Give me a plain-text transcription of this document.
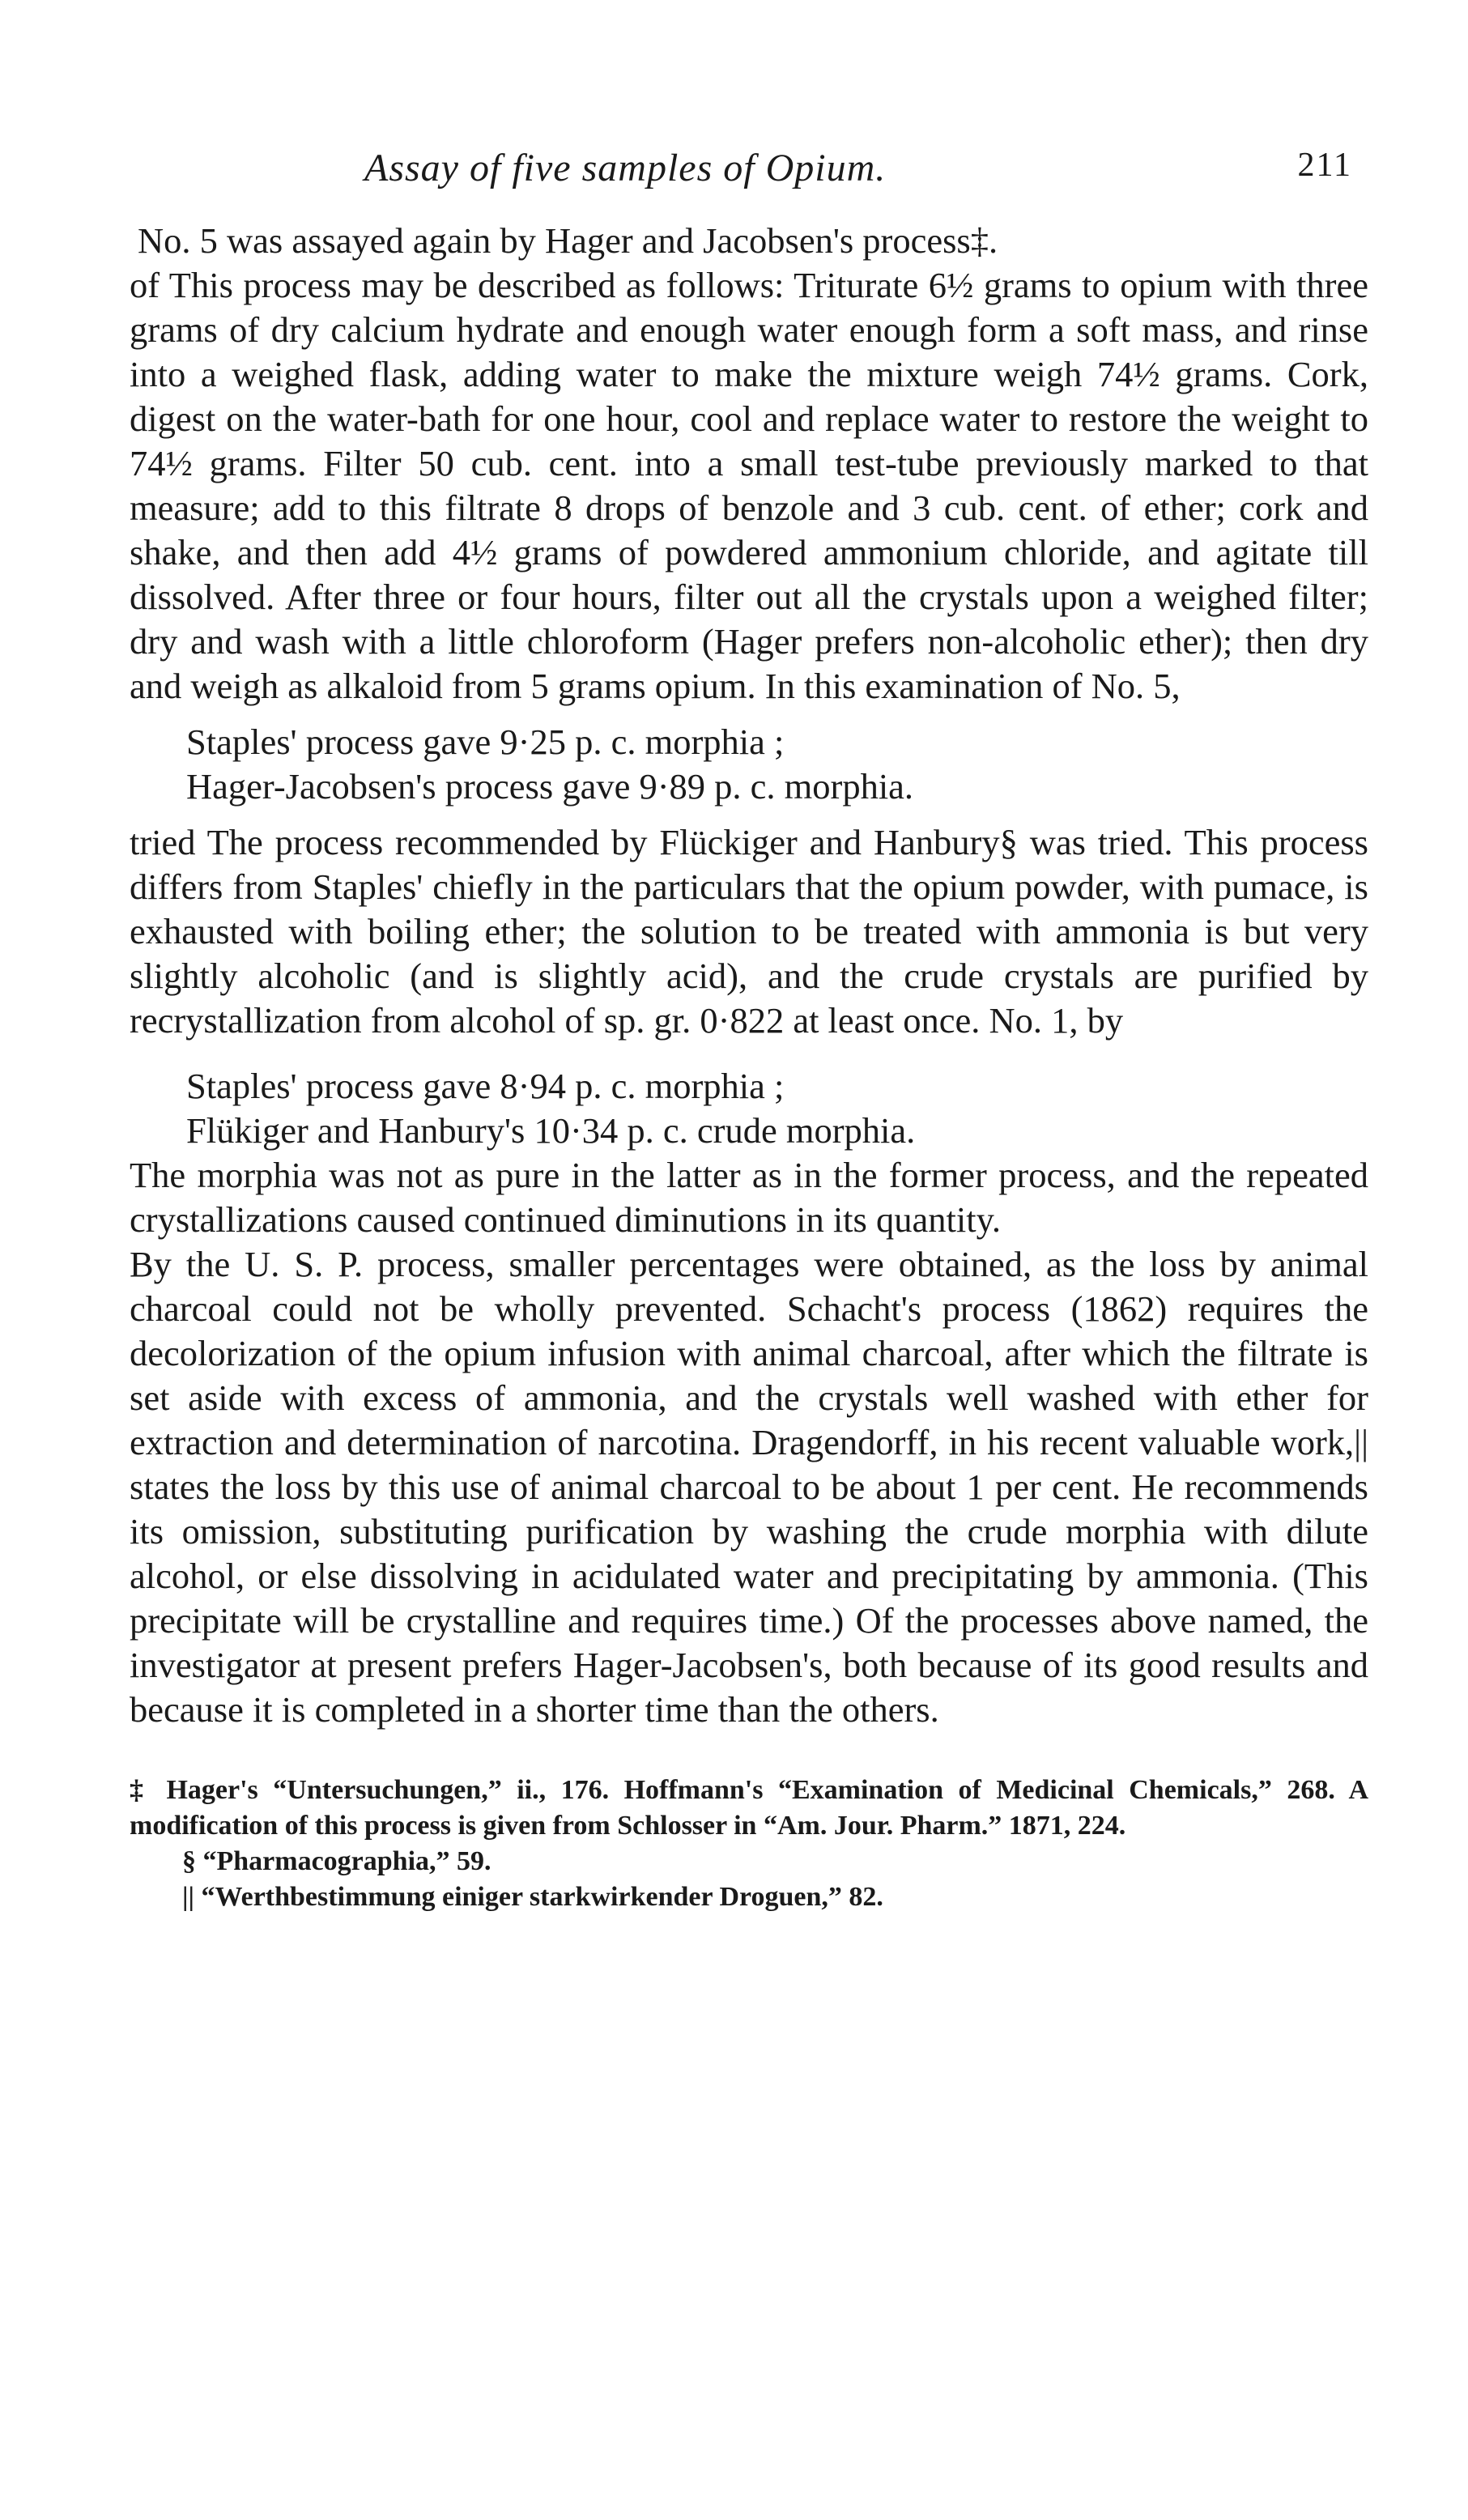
Assay of five samples of Opium.	211

No. 5 was assayed again by Hager and Jacobsen's process‡.

of This process may be described as follows: Triturate 6½ grams to opium with three grams of dry calcium hydrate and enough water enough form a soft mass, and rinse into a weighed flask, adding water to make the mixture weigh 74½ grams. Cork, digest on the water-bath for one hour, cool and replace water to restore the weight to 74½ grams. Filter 50 cub. cent. into a small test-tube previously marked to that measure; add to this filtrate 8 drops of benzole and 3 cub. cent. of ether; cork and shake, and then add 4½ grams of powdered ammonium chloride, and agitate till dissolved. After three or four hours, filter out all the crystals upon a weighed filter; dry and wash with a little chloroform (Hager prefers non-alcoholic ether); then dry and weigh as alkaloid from 5 grams opium. In this examination of No. 5,

Staples' process gave 9·25 p. c. morphia ;

Hager-Jacobsen's process gave 9·89 p. c. morphia.

tried The process recommended by Flückiger and Hanbury§ was tried. This process differs from Staples' chiefly in the particulars that the opium powder, with pumace, is exhausted with boiling ether; the solution to be treated with ammonia is but very slightly alcoholic (and is slightly acid), and the crude crystals are purified by recrystallization from alcohol of sp. gr. 0·822 at least once. No. 1, by

Staples' process gave 8·94 p. c. morphia ;

Flükiger and Hanbury's 10·34 p. c. crude morphia.

The morphia was not as pure in the latter as in the former process, and the repeated crystallizations caused continued diminutions in its quantity.

By the U. S. P. process, smaller percentages were obtained, as the loss by animal charcoal could not be wholly prevented. Schacht's process (1862) requires the decolorization of the opium infusion with animal charcoal, after which the filtrate is set aside with excess of ammonia, and the crystals well washed with ether for extraction and determination of narcotina. Dragendorff, in his recent valuable work,|| states the loss by this use of animal charcoal to be about 1 per cent. He recommends its omission, substituting purification by washing the crude morphia with dilute alcohol, or else dissolving in acidulated water and precipitating by ammonia. (This precipitate will be crystalline and requires time.) Of the processes above named, the investigator at present prefers Hager-Jacobsen's, both because of its good results and because it is completed in a shorter time than the others.

‡ Hager's “Untersuchungen,” ii., 176. Hoffmann's “Examination of Medicinal Chemicals,” 268. A modification of this process is given from Schlosser in “Am. Jour. Pharm.” 1871, 224.

§ “Pharmacographia,” 59.

|| “Werthbestimmung einiger starkwirkender Droguen,” 82.
